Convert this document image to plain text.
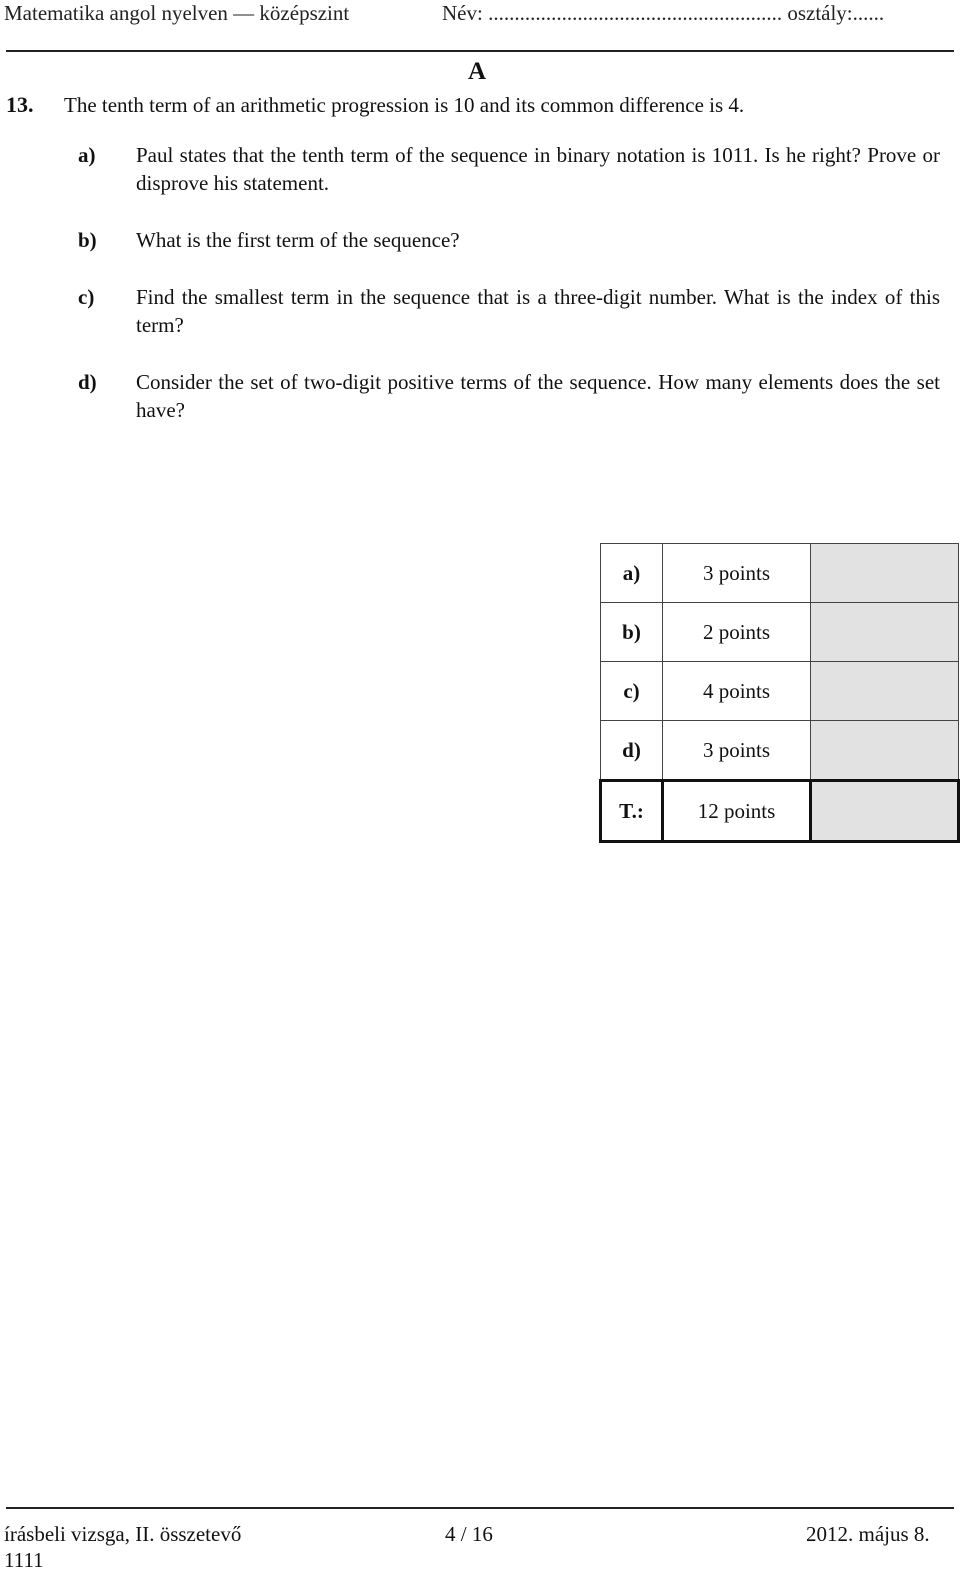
Matematika angol nyelven — középszint	Név: ........................................................ osztály:......
A
13. The tenth term of an arithmetic progression is 10 and its common difference is 4.
a) Paul states that the tenth term of the sequence in binary notation is 1011. Is he right? Prove or disprove his statement.
b) What is the first term of the sequence?
c) Find the smallest term in the sequence that is a three-digit number. What is the index of this term?
d) Consider the set of two-digit positive terms of the sequence. How many elements does the set have?
a)	3 points	
b)	2 points	
c)	4 points	
d)	3 points	
T.:	12 points	
írásbeli vizsga, II. összetevő	4 / 16	2012. május 8.
1111
